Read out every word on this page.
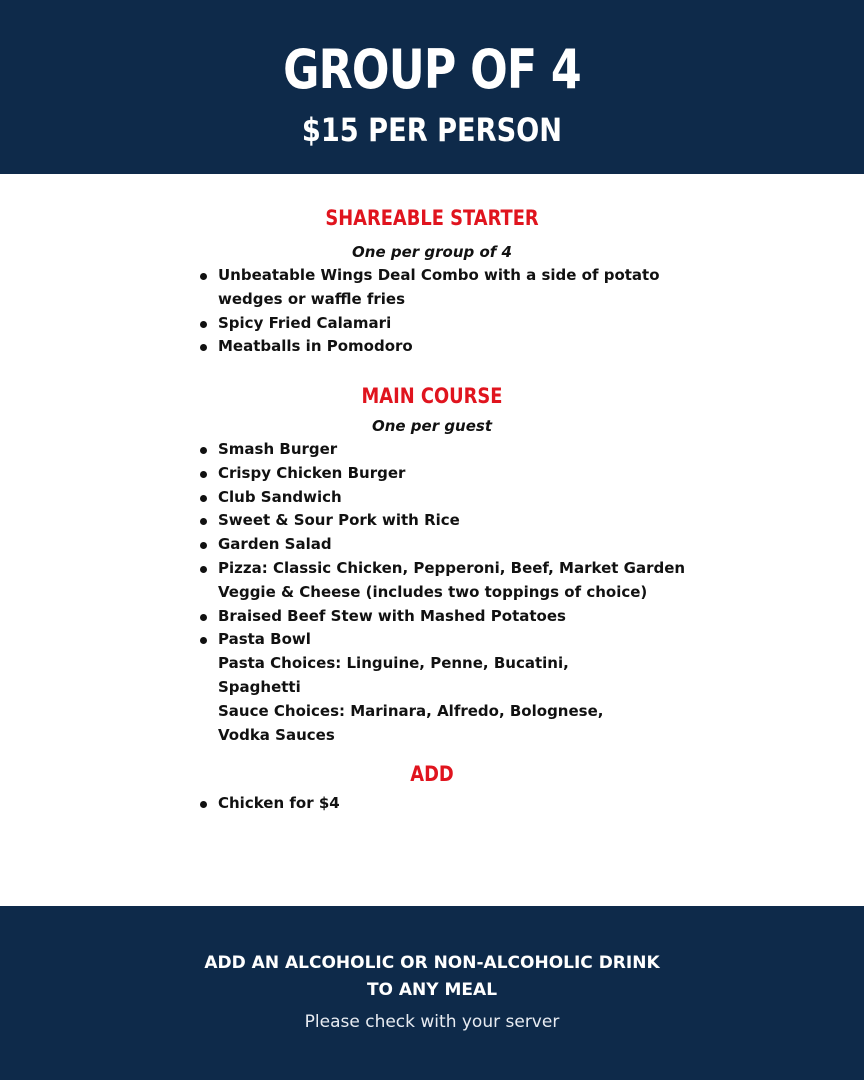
GROUP OF 4
$15 PER PERSON
SHAREABLE STARTER
One per group of 4
Unbeatable Wings Deal Combo with a side of potato wedges or waffle fries
Spicy Fried Calamari
Meatballs in Pomodoro
MAIN COURSE
One per guest
Smash Burger
Crispy Chicken Burger
Club Sandwich
Sweet & Sour Pork with Rice
Garden Salad
Pizza: Classic Chicken, Pepperoni, Beef, Market Garden Veggie & Cheese (includes two toppings of choice)
Braised Beef Stew with Mashed Potatoes
Pasta Bowl
Pasta Choices: Linguine, Penne, Bucatini, Spaghetti
Sauce Choices: Marinara, Alfredo, Bolognese, Vodka Sauces
ADD
Chicken for $4
ADD AN ALCOHOLIC OR NON-ALCOHOLIC DRINK
TO ANY MEAL
Please check with your server
